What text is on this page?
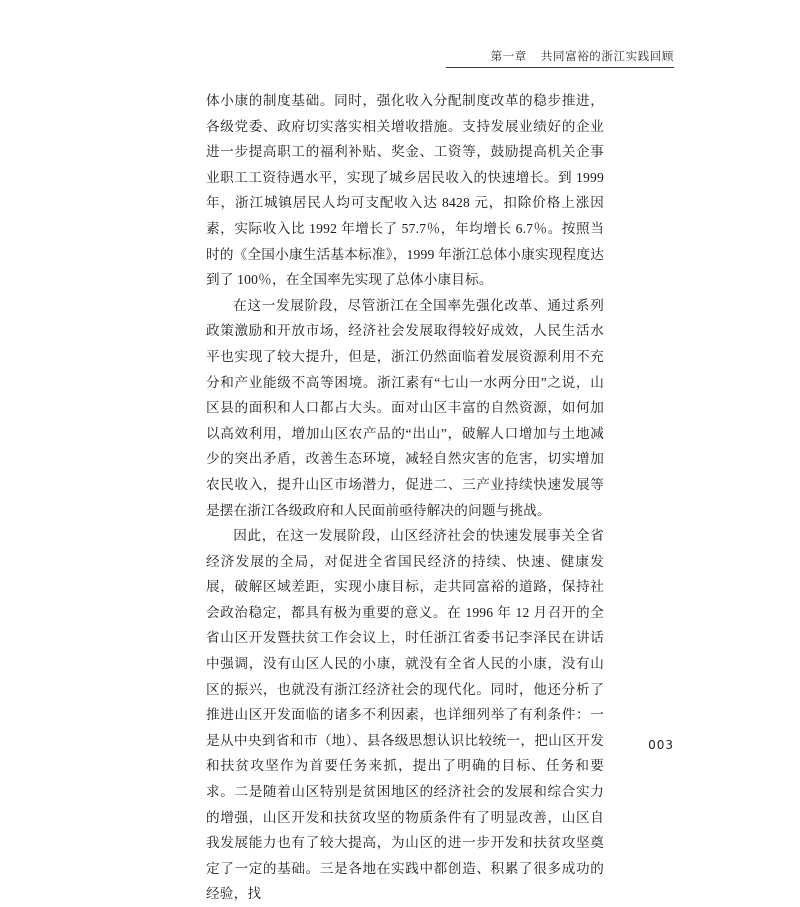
第一章 共同富裕的浙江实践回顾

体小康的制度基础。同时，强化收入分配制度改革的稳步推进，各级党委、政府切实落实相关增收措施。支持发展业绩好的企业进一步提高职工的福利补贴、奖金、工资等，鼓励提高机关企事业职工工资待遇水平，实现了城乡居民收入的快速增长。到 1999 年，浙江城镇居民人均可支配收入达 8428 元，扣除价格上涨因素，实际收入比 1992 年增长了 57.7％，年均增长 6.7％。按照当时的《全国小康生活基本标准》，1999 年浙江总体小康实现程度达到了 100％，在全国率先实现了总体小康目标。

在这一发展阶段，尽管浙江在全国率先强化改革、通过系列政策激励和开放市场，经济社会发展取得较好成效，人民生活水平也实现了较大提升，但是，浙江仍然面临着发展资源利用不充分和产业能级不高等困境。浙江素有“七山一水两分田”之说，山区县的面积和人口都占大头。面对山区丰富的自然资源，如何加以高效利用，增加山区农产品的“出山”，破解人口增加与土地减少的突出矛盾，改善生态环境，减轻自然灾害的危害，切实增加农民收入，提升山区市场潜力，促进二、三产业持续快速发展等是摆在浙江各级政府和人民面前亟待解决的问题与挑战。

因此，在这一发展阶段，山区经济社会的快速发展事关全省经济发展的全局，对促进全省国民经济的持续、快速、健康发展，破解区域差距，实现小康目标，走共同富裕的道路，保持社会政治稳定，都具有极为重要的意义。在 1996 年 12 月召开的全省山区开发暨扶贫工作会议上，时任浙江省委书记李泽民在讲话中强调，没有山区人民的小康，就没有全省人民的小康，没有山区的振兴，也就没有浙江经济社会的现代化。同时，他还分析了推进山区开发面临的诸多不利因素，也详细列举了有利条件：一是从中央到省和市（地）、县各级思想认识比较统一，把山区开发和扶贫攻坚作为首要任务来抓，提出了明确的目标、任务和要求。二是随着山区特别是贫困地区的经济社会的发展和综合实力的增强，山区开发和扶贫攻坚的物质条件有了明显改善，山区自我发展能力也有了较大提高，为山区的进一步开发和扶贫攻坚奠定了一定的基础。三是各地在实践中都创造、积累了很多成功的经验，找

003
